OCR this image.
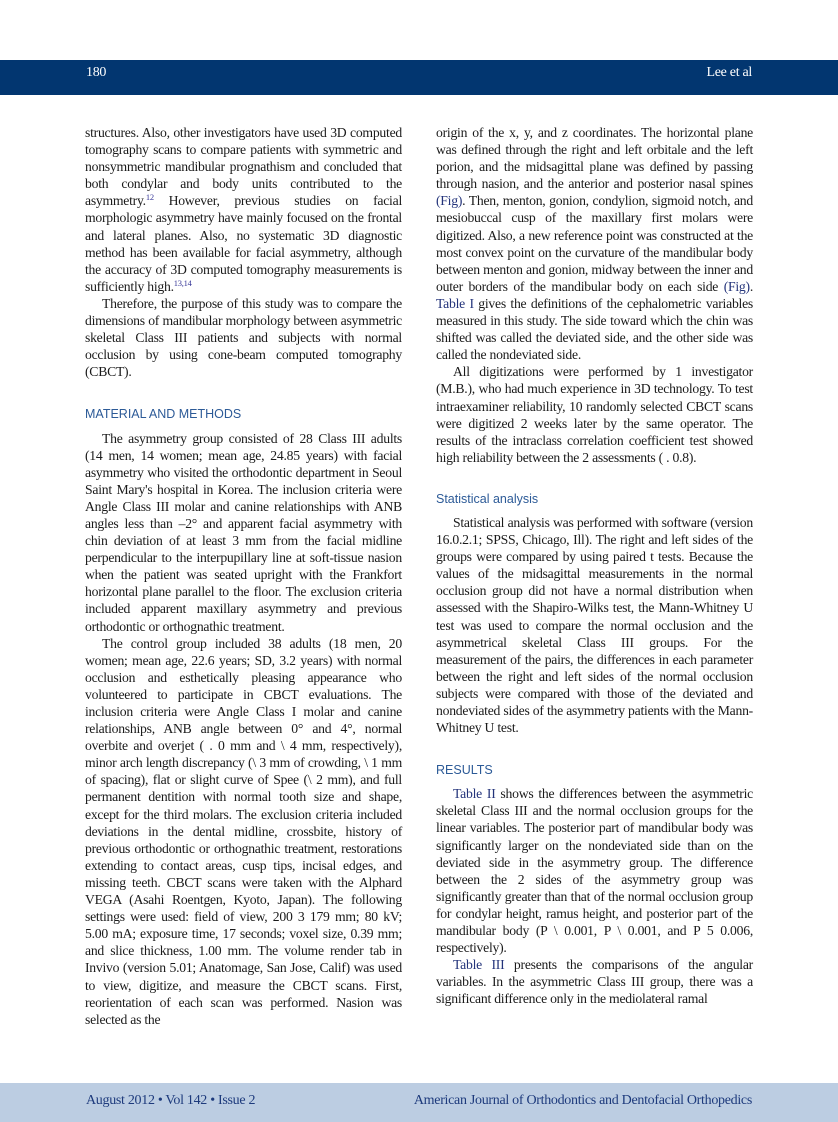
180	Lee et al

structures. Also, other investigators have used 3D computed tomography scans to compare patients with symmetric and nonsymmetric mandibular prognathism and concluded that both condylar and body units contributed to the asymmetry.$^{12}$ However, previous studies on facial morphologic asymmetry have mainly focused on the frontal and lateral planes. Also, no systematic 3D diagnostic method has been available for facial asymmetry, although the accuracy of 3D computed tomography measurements is sufficiently high.$^{13,14}$

Therefore, the purpose of this study was to compare the dimensions of mandibular morphology between asymmetric skeletal Class III patients and subjects with normal occlusion by using cone-beam computed tomography (CBCT).

MATERIAL AND METHODS

The asymmetry group consisted of 28 Class III adults (14 men, 14 women; mean age, 24.85 years) with facial asymmetry who visited the orthodontic department in Seoul Saint Mary's hospital in Korea. The inclusion criteria were Angle Class III molar and canine relationships with ANB angles less than –2° and apparent facial asymmetry with chin deviation of at least 3 mm from the facial midline perpendicular to the interpupillary line at soft-tissue nasion when the patient was seated upright with the Frankfort horizontal plane parallel to the floor. The exclusion criteria included apparent maxillary asymmetry and previous orthodontic or orthognathic treatment.

The control group included 38 adults (18 men, 20 women; mean age, 22.6 years; SD, 3.2 years) with normal occlusion and esthetically pleasing appearance who volunteered to participate in CBCT evaluations. The inclusion criteria were Angle Class I molar and canine relationships, ANB angle between 0° and 4°, normal overbite and overjet ( . 0 mm and \ 4 mm, respectively), minor arch length discrepancy (\ 3 mm of crowding, \ 1 mm of spacing), flat or slight curve of Spee (\ 2 mm), and full permanent dentition with normal tooth size and shape, except for the third molars. The exclusion criteria included deviations in the dental midline, crossbite, history of previous orthodontic or orthognathic treatment, restorations extending to contact areas, cusp tips, incisal edges, and missing teeth. CBCT scans were taken with the Alphard VEGA (Asahi Roentgen, Kyoto, Japan). The following settings were used: field of view, 200 3 179 mm; 80 kV; 5.00 mA; exposure time, 17 seconds; voxel size, 0.39 mm; and slice thickness, 1.00 mm. The volume render tab in Invivo (version 5.01; Anatomage, San Jose, Calif) was used to view, digitize, and measure the CBCT scans. First, reorientation of each scan was performed. Nasion was selected as the

origin of the x, y, and z coordinates. The horizontal plane was defined through the right and left orbitale and the left porion, and the midsagittal plane was defined by passing through nasion, and the anterior and posterior nasal spines (Fig). Then, menton, gonion, condylion, sigmoid notch, and mesiobuccal cusp of the maxillary first molars were digitized. Also, a new reference point was constructed at the most convex point on the curvature of the mandibular body between menton and gonion, midway between the inner and outer borders of the mandibular body on each side (Fig). Table I gives the definitions of the cephalometric variables measured in this study. The side toward which the chin was shifted was called the deviated side, and the other side was called the nondeviated side.

All digitizations were performed by 1 investigator (M.B.), who had much experience in 3D technology. To test intraexaminer reliability, 10 randomly selected CBCT scans were digitized 2 weeks later by the same operator. The results of the intraclass correlation coefficient test showed high reliability between the 2 assessments ( . 0.8).

Statistical analysis

Statistical analysis was performed with software (version 16.0.2.1; SPSS, Chicago, Ill). The right and left sides of the groups were compared by using paired t tests. Because the values of the midsagittal measurements in the normal occlusion group did not have a normal distribution when assessed with the Shapiro-Wilks test, the Mann-Whitney U test was used to compare the normal occlusion and the asymmetrical skeletal Class III groups. For the measurement of the pairs, the differences in each parameter between the right and left sides of the normal occlusion subjects were compared with those of the deviated and nondeviated sides of the asymmetry patients with the Mann-Whitney U test.

RESULTS

Table II shows the differences between the asymmetric skeletal Class III and the normal occlusion groups for the linear variables. The posterior part of mandibular body was significantly larger on the nondeviated side than on the deviated side in the asymmetry group. The difference between the 2 sides of the asymmetry group was significantly greater than that of the normal occlusion group for condylar height, ramus height, and posterior part of the mandibular body (P \ 0.001, P \ 0.001, and P 5 0.006, respectively).

Table III presents the comparisons of the angular variables. In the asymmetric Class III group, there was a significant difference only in the mediolateral ramal

August 2012 • Vol 142 • Issue 2	American Journal of Orthodontics and Dentofacial Orthopedics
